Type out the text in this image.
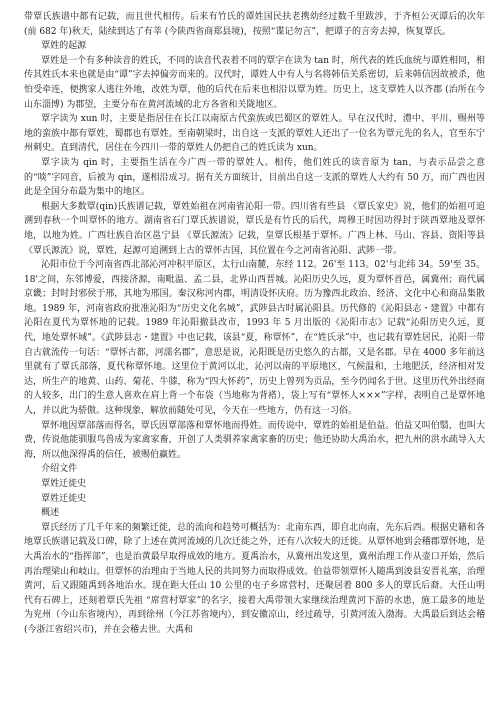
带覃氏族谱中都有记载，而且世代相传。后来有竹氏的谭姓国民扶老携幼经过数千里跋涉，于齐桓公灭谭后的次年(前 682 年)秋天，陆续到达了有莘 (今陕西省商郑县境)，按照“谍记勿言”，把谭子的言旁去掉，恢复覃氏。

覃姓的起源

覃姓是一个有多种读音的姓氏，不同的读音代表着不同的覃字在读为 tan 时，所代表的姓氏血统与谭姓相同，相传其姓氏本来也就是由“谭”字去掉偏旁而来的。汉代时，谭姓人中有人与名将韩信关系密切，后来韩信因故被杀，他怕受牵连，便携家人逃往外地，改姓为覃，他的后代在后来也相沿以覃为姓。历史上，这支覃姓人以齐郡 (治所在今山东淄博) 为郡望，主要分布在黄河流域的北方各省和关陇地区。

覃字读为 xun 时，主要是指居住在长江以南原古代蛮族或巴蜀区的覃姓人。早在汉代时，澧中、平川、赐州等地的蛮族中都有覃姓，蜀郡也有覃姓。至南朝梁时，出自这一支派的覃姓人还出了一位名为覃元先的名人，官至东宁州刺史。直到清代，居住在今四川一带的覃姓人仍把自己的姓氏读为 xun。

覃字读为 qin 时，主要指生活在今广西一带的覃姓人。相传，他们姓氏的读音原为 tan，与表示品尝之意的“啖”字同音，后被为 qin，遂相沿成习。据有关方面统计，目前出自这一支派的覃姓人大约有 50 万，而广西也因此是全国分布最为集中的地区。

根据大多数覃(qin)氏族谱记载，覃姓始祖在河南省沁阳一带。四川省有些县 《覃氏家史》说，他们的始祖可追溯到春秋一个叫覃怀的地方。湖南省石门覃氏族谱说，覃氏是有竹氏的后代，周穆王时因功得封于陕西覃地及覃怀地，以地为姓。广西壮族自治区邕宁县 《覃氏源流》记载，皇覃氏根基于覃怀。广西上林、马山、容县、资阳等县 《覃氏源流》说，覃姓，起源可追溯到上古的覃怀古国，其位置在今之河南省沁阳、武陟一带。

沁阳市位于今河南省西北部沁河冲积平原区，太行山南麓，东经 112。26'至 113。02'与北纬 34。59'至 35。18'之间，东邻博爱，西接济源，南毗温、孟二县，北界山西晋城。沁阳历史久远，夏为覃怀首邑，属冀州；商代属京畿；封时封邪侯于邢，其地为邢国。秦汉称河内郡，明清设怀庆府。历为豫西北政治、经济、文化中心和商品集散地。1989 年，河南省政府批准沁阳为“历史文化名城”，武陟县古时属沁阳县。历代修的《沁阳县志・建置》中都有沁阳在夏代为覃怀地的记载。1989 年沁阳撤县改市，1993 年 5 月出版的《沁阳市志》记载“沁阳历史久远，夏代，地处覃怀域”。《武陟县志・建置》中也记载，该县“夏，称覃怀”，在“姓氏录”中，也记载有覃姓居民，沁阳一带自古就流传一句话：“覃怀古都，河濡名郡”，意思是说，沁阳既是历史悠久的古都，又是名郡。早在 4000 多年前这里就有了覃氏部落，夏代称覃怀地。这里位于黄河以北，沁河以南的平原地区，气候温和，土地肥沃，经济相对发达，所生产的地黄、山药、菊花、牛膝，称为“四大怀药”，历史上曾列为贡品，至今仍闻名于世。这里历代外出经商的人较多，出门的生意人喜欢在肩上背一个布袋（当地称为背褡），袋上写有“覃怀人×××”字样，表明自己是覃怀地人，并以此为骄傲。这种现象，解放前随处可见，今天在一些地方，仍有这一习俗。

覃怀地因覃部落而得名，覃氏因覃部落和覃怀地而得姓。而传说中，覃姓的始祖是伯益。伯益又叫伯翳，也叫大费，传说他能驯服鸟兽成为家禽家畜，开创了人类驯养家禽家畜的历史；他还协助大禹治水，把九州的洪水疏导入大海，所以他深得禹的信任，被赐伯赢姓。

介绍文件

覃姓迁徙史

覃姓迁徙史

概述

覃氏经历了几千年来的频繁迁徙，总的流向和趋势可概括为：北南东西，即自北向南，先东后西。根据史籍和各地覃氏族谱记载及口碑，除了上述在黄河流域的几次迁徙之外，还有八次较大的迁徙。从覃怀地到会稽郡覃怀地，是大禹治水的“指挥部”，也是治黄最早取得成效的地方。夏禹治水，从冀州出发这里，冀州治理工作从壶口开始，然后再治理梁山和岐山。但覃怀的治理由于当地人民的共同努力而取得成效。伯益带领覃怀人随禹到浚县安晋礼塞，治理黄河，后又跟随禹到各地治水。现在距大任山 10 公里的屯子乡席营村，还聚居着 800 多人的覃氏后裔。大任山明代有石碑上，还刻着覃氏先祖 “席营村覃家”的名字，接着大禹带领大家继续治理黄河下游的水患，施工最多的地是为兖州（今山东省境内），再到徐州（今江苏省境内），到安徽凉山，经过疏导，引黄河流入渤海。大禹最后到达会稽 (今浙江省绍兴市)，并在会稽去世。大禹和
